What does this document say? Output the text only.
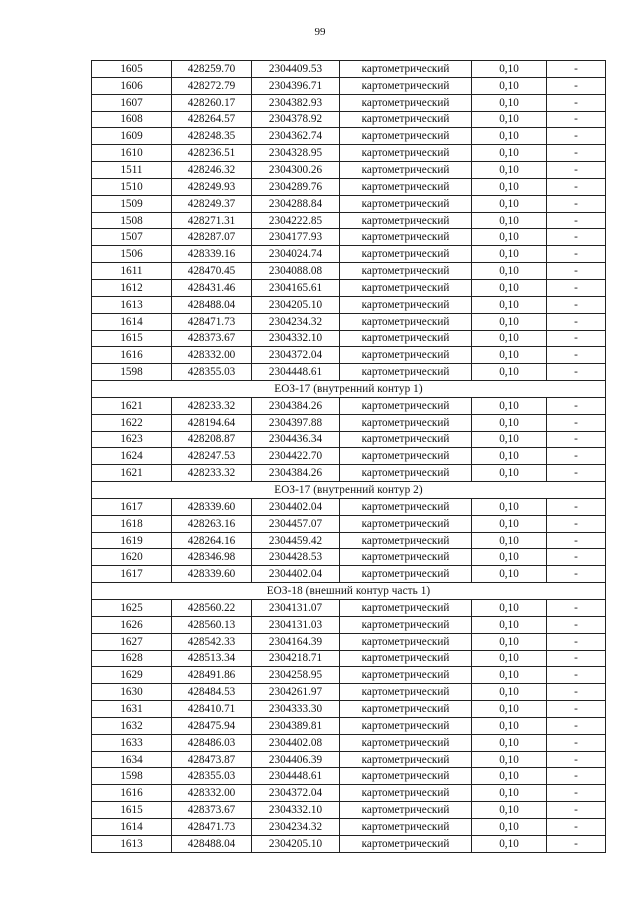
99
1605	428259.70	2304409.53	картометрический	0,10	-
1606	428272.79	2304396.71	картометрический	0,10	-
1607	428260.17	2304382.93	картометрический	0,10	-
1608	428264.57	2304378.92	картометрический	0,10	-
1609	428248.35	2304362.74	картометрический	0,10	-
1610	428236.51	2304328.95	картометрический	0,10	-
1511	428246.32	2304300.26	картометрический	0,10	-
1510	428249.93	2304289.76	картометрический	0,10	-
1509	428249.37	2304288.84	картометрический	0,10	-
1508	428271.31	2304222.85	картометрический	0,10	-
1507	428287.07	2304177.93	картометрический	0,10	-
1506	428339.16	2304024.74	картометрический	0,10	-
1611	428470.45	2304088.08	картометрический	0,10	-
1612	428431.46	2304165.61	картометрический	0,10	-
1613	428488.04	2304205.10	картометрический	0,10	-
1614	428471.73	2304234.32	картометрический	0,10	-
1615	428373.67	2304332.10	картометрический	0,10	-
1616	428332.00	2304372.04	картометрический	0,10	-
1598	428355.03	2304448.61	картометрический	0,10	-
ЕОЗ-17 (внутренний контур 1)					
1621	428233.32	2304384.26	картометрический	0,10	-
1622	428194.64	2304397.88	картометрический	0,10	-
1623	428208.87	2304436.34	картометрический	0,10	-
1624	428247.53	2304422.70	картометрический	0,10	-
1621	428233.32	2304384.26	картометрический	0,10	-
ЕОЗ-17 (внутренний контур 2)					
1617	428339.60	2304402.04	картометрический	0,10	-
1618	428263.16	2304457.07	картометрический	0,10	-
1619	428264.16	2304459.42	картометрический	0,10	-
1620	428346.98	2304428.53	картометрический	0,10	-
1617	428339.60	2304402.04	картометрический	0,10	-
ЕОЗ-18 (внешний контур часть 1)					
1625	428560.22	2304131.07	картометрический	0,10	-
1626	428560.13	2304131.03	картометрический	0,10	-
1627	428542.33	2304164.39	картометрический	0,10	-
1628	428513.34	2304218.71	картометрический	0,10	-
1629	428491.86	2304258.95	картометрический	0,10	-
1630	428484.53	2304261.97	картометрический	0,10	-
1631	428410.71	2304333.30	картометрический	0,10	-
1632	428475.94	2304389.81	картометрический	0,10	-
1633	428486.03	2304402.08	картометрический	0,10	-
1634	428473.87	2304406.39	картометрический	0,10	-
1598	428355.03	2304448.61	картометрический	0,10	-
1616	428332.00	2304372.04	картометрический	0,10	-
1615	428373.67	2304332.10	картометрический	0,10	-
1614	428471.73	2304234.32	картометрический	0,10	-
1613	428488.04	2304205.10	картометрический	0,10	-
